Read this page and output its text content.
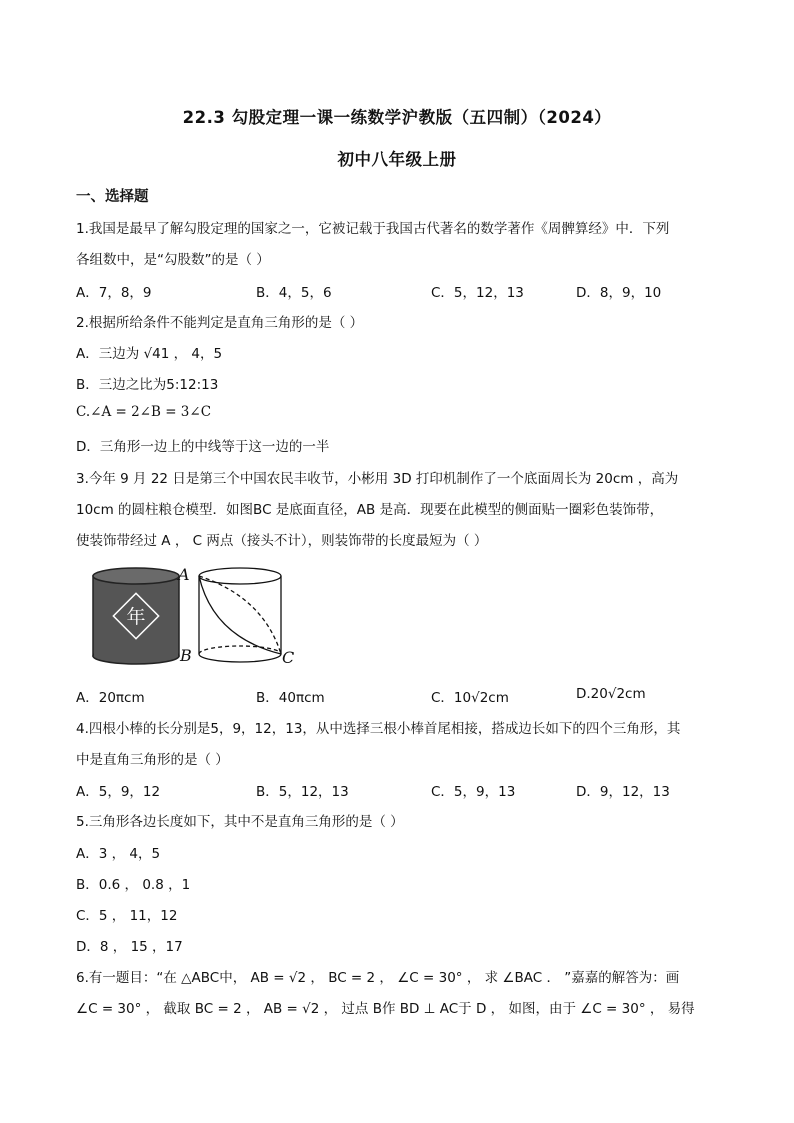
22.3 勾股定理一课一练数学沪教版（五四制）（2024）
初中八年级上册
一、选择题
1.我国是最早了解勾股定理的国家之一，它被记载于我国古代著名的数学著作《周髀算经》中．下列
各组数中，是“勾股数”的是（ ）
A．7，8，9	B．4，5，6	C．5，12，13	D．8，9，10
2.根据所给条件不能判定是直角三角形的是（ ）
A．三边为 √41 ， 4，5
B．三边之比为5:12:13
C.∠A = 2∠B = 3∠C
D．三角形一边上的中线等于这一边的一半
3.今年 9 月 22 日是第三个中国农民丰收节，小彬用 3D 打印机制作了一个底面周长为 20cm ，高为
10cm 的圆柱粮仓模型．如图BC 是底面直径，AB 是高．现要在此模型的侧面贴一圈彩色装饰带，
使装饰带经过 A ， C 两点（接头不计），则装饰带的长度最短为（ ）
年
A
B	C
A．20πcm	B．40πcm	C．10√2cm	D.20√2cm
4.四根小棒的长分别是5，9，12，13，从中选择三根小棒首尾相接，搭成边长如下的四个三角形，其
中是直角三角形的是（ ）
A．5，9，12	B．5，12，13	C．5，9，13	D．9，12，13
5.三角形各边长度如下，其中不是直角三角形的是（ ）
A．3 ， 4，5
B．0.6 ， 0.8 ，1
C．5 ， 11，12
D．8 ， 15 ，17
6.有一题目：“在 △ABC中， AB = √2 ， BC = 2 ， ∠C = 30° ， 求 ∠BAC ． ”嘉嘉的解答为：画
∠C = 30° ， 截取 BC = 2 ， AB = √2 ， 过点 B作 BD ⊥ AC于 D ， 如图，由于 ∠C = 30° ， 易得
